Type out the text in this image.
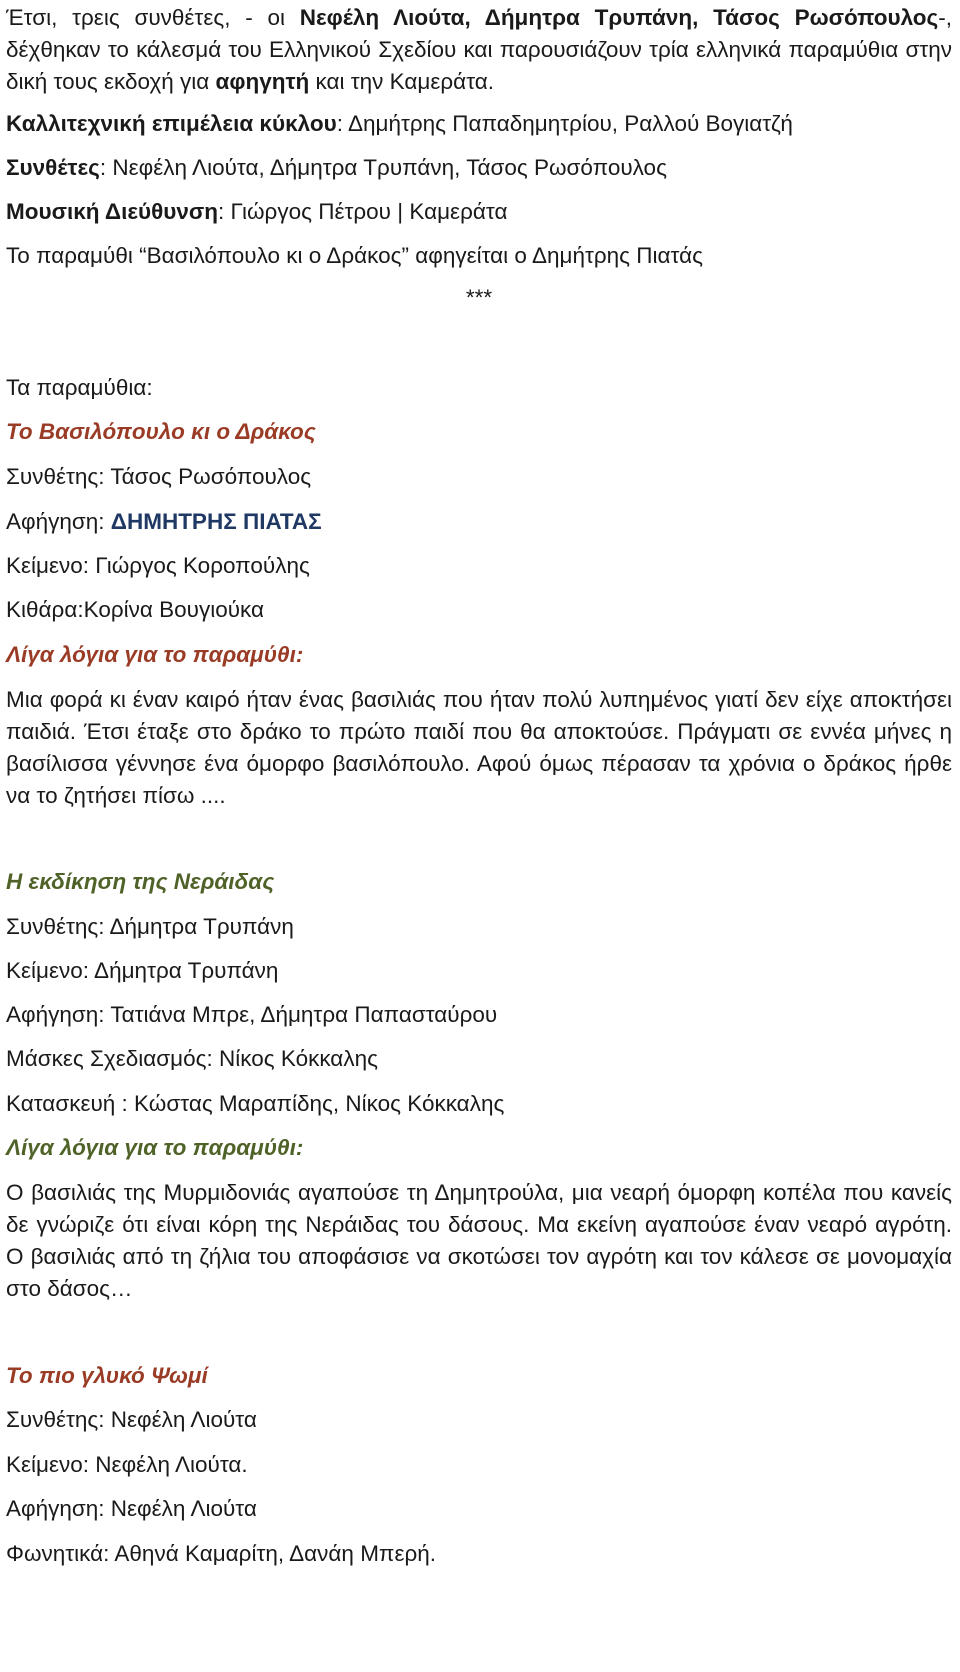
Έτσι, τρεις συνθέτες, - οι Νεφέλη Λιούτα, Δήμητρα Τρυπάνη, Τάσος Ρωσόπουλος-, δέχθηκαν το κάλεσμά του Ελληνικού Σχεδίου και παρουσιάζουν τρία ελληνικά παραμύθια στην δική τους εκδοχή για αφηγητή και την Καμεράτα.

Καλλιτεχνική επιμέλεια κύκλου: Δημήτρης Παπαδημητρίου, Ραλλού Βογιατζή

Συνθέτες: Νεφέλη Λιούτα, Δήμητρα Τρυπάνη, Τάσος Ρωσόπουλος

Μουσική Διεύθυνση: Γιώργος Πέτρου | Καμεράτα

Το παραμύθι “Βασιλόπουλο κι ο Δράκος” αφηγείται ο Δημήτρης Πιατάς

***

Τα παραμύθια:

Το Βασιλόπουλο κι ο Δράκος

Συνθέτης: Τάσος Ρωσόπουλος

Αφήγηση: ΔΗΜΗΤΡΗΣ ΠΙΑΤΑΣ

Κείμενο: Γιώργος Κοροπούλης

Κιθάρα:Κορίνα Βουγιούκα

Λίγα λόγια για το παραμύθι:

Μια φορά κι έναν καιρό ήταν ένας βασιλιάς που ήταν πολύ λυπημένος γιατί δεν είχε αποκτήσει παιδιά. Έτσι έταξε στο δράκο το πρώτο παιδί που θα αποκτούσε. Πράγματι σε εννέα μήνες η βασίλισσα γέννησε ένα όμορφο βασιλόπουλο. Αφού όμως πέρασαν τα χρόνια ο δράκος ήρθε να το ζητήσει πίσω ....

Η εκδίκηση της Νεράιδας

Συνθέτης: Δήμητρα Τρυπάνη

Κείμενο: Δήμητρα Τρυπάνη

Αφήγηση: Τατιάνα Μπρε, Δήμητρα Παπασταύρου

Μάσκες Σχεδιασμός: Νίκος Κόκκαλης

Κατασκευή : Κώστας Μαραπίδης, Νίκος Κόκκαλης

Λίγα λόγια για το παραμύθι:

Ο βασιλιάς της Μυρμιδονιάς αγαπούσε τη Δημητρούλα, μια νεαρή όμορφη κοπέλα που κανείς δε γνώριζε ότι είναι κόρη της Νεράιδας του δάσους. Μα εκείνη αγαπούσε έναν νεαρό αγρότη. Ο βασιλιάς από τη ζήλια του αποφάσισε να σκοτώσει τον αγρότη και τον κάλεσε σε μονομαχία στο δάσος…

Το πιο γλυκό Ψωμί

Συνθέτης: Νεφέλη Λιούτα

Κείμενο: Νεφέλη Λιούτα.

Αφήγηση: Νεφέλη Λιούτα

Φωνητικά: Αθηνά Καμαρίτη, Δανάη Μπερή.
